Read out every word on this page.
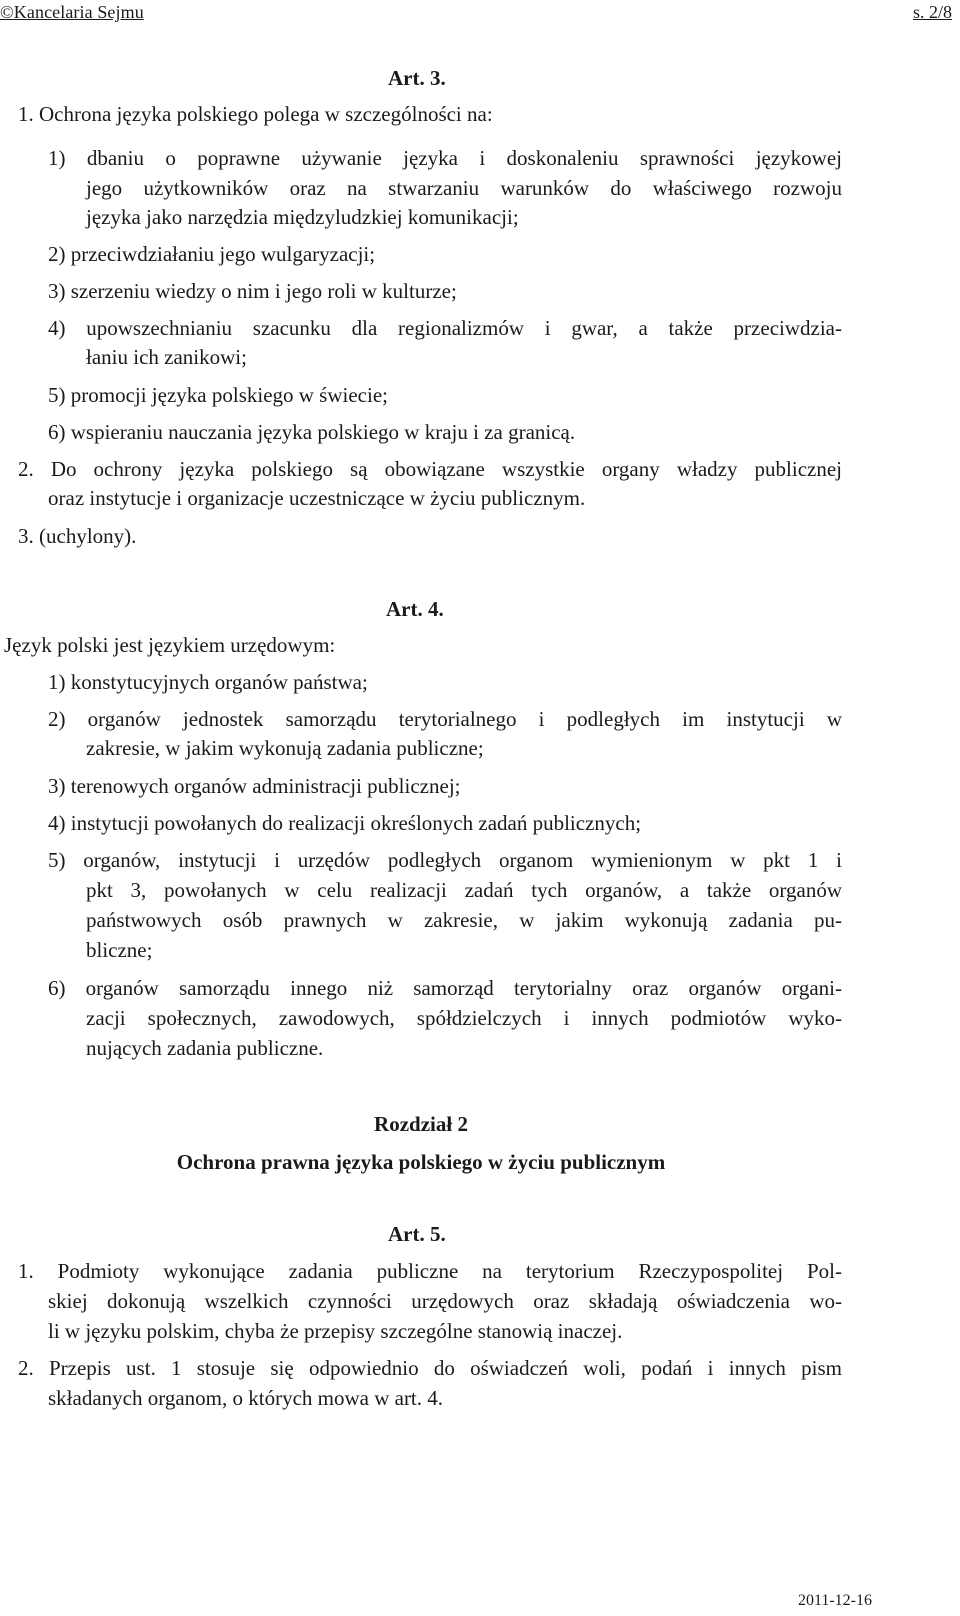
©Kancelaria Sejmu	s. 2/8
Art. 3.
1. Ochrona języka polskiego polega w szczególności na:
1) dbaniu o poprawne używanie języka i doskonaleniu sprawności językowej
jego użytkowników oraz na stwarzaniu warunków do właściwego rozwoju
języka jako narzędzia międzyludzkiej komunikacji;
2) przeciwdziałaniu jego wulgaryzacji;
3) szerzeniu wiedzy o nim i jego roli w kulturze;
4) upowszechnianiu szacunku dla regionalizmów i gwar, a także przeciwdzia-
łaniu ich zanikowi;
5) promocji języka polskiego w świecie;
6) wspieraniu nauczania języka polskiego w kraju i za granicą.
2. Do ochrony języka polskiego są obowiązane wszystkie organy władzy publicznej
oraz instytucje i organizacje uczestniczące w życiu publicznym.
3. (uchylony).
Art. 4.
Język polski jest językiem urzędowym:
1) konstytucyjnych organów państwa;
2) organów jednostek samorządu terytorialnego i podległych im instytucji w
zakresie, w jakim wykonują zadania publiczne;
3) terenowych organów administracji publicznej;
4) instytucji powołanych do realizacji określonych zadań publicznych;
5) organów, instytucji i urzędów podległych organom wymienionym w pkt 1 i
pkt 3, powołanych w celu realizacji zadań tych organów, a także organów
państwowych osób prawnych w zakresie, w jakim wykonują zadania pu-
bliczne;
6) organów samorządu innego niż samorząd terytorialny oraz organów organi-
zacji społecznych, zawodowych, spółdzielczych i innych podmiotów wyko-
nujących zadania publiczne.
Rozdział 2
Ochrona prawna języka polskiego w życiu publicznym
Art. 5.
1. Podmioty wykonujące zadania publiczne na terytorium Rzeczypospolitej Pol-
skiej dokonują wszelkich czynności urzędowych oraz składają oświadczenia wo-
li w języku polskim, chyba że przepisy szczególne stanowią inaczej.
2. Przepis ust. 1 stosuje się odpowiednio do oświadczeń woli, podań i innych pism
składanych organom, o których mowa w art. 4.
2011-12-16
